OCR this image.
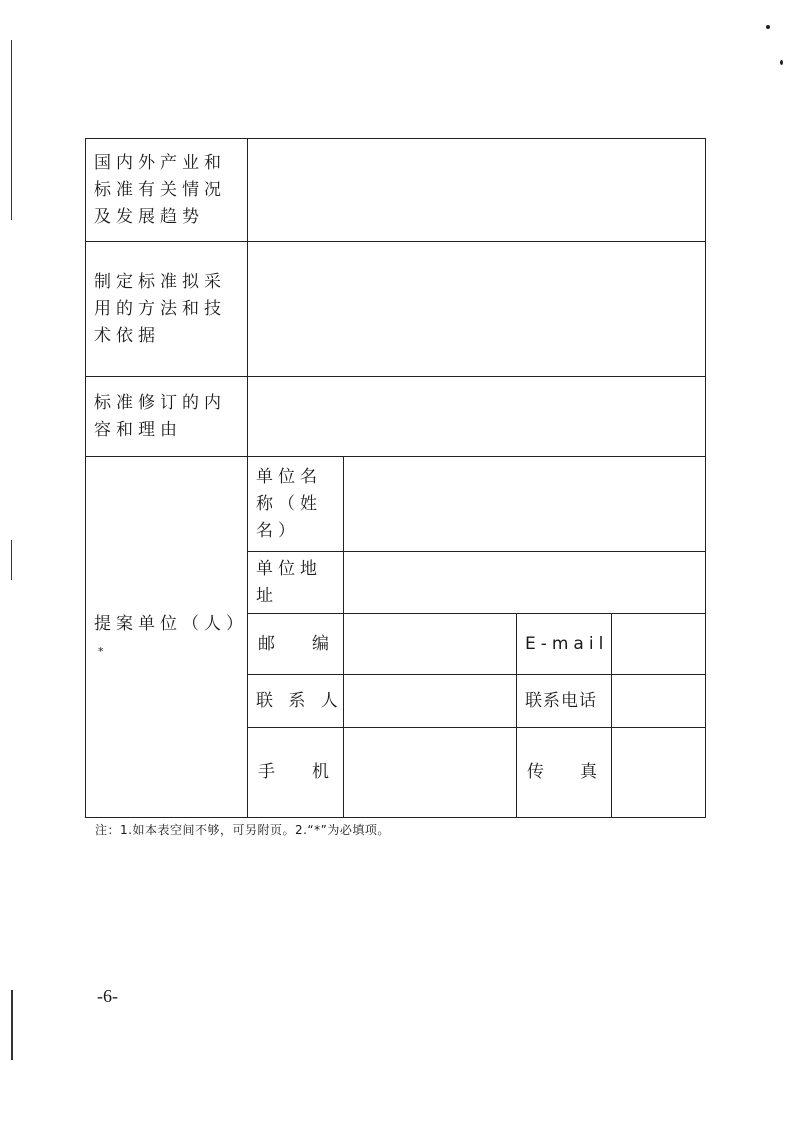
国内外产业和标准有关情况及发展趋势				
制定标准拟采用的方法和技术依据				
标准修订的内容和理由				
提案单位（人）*	单位名称（姓名）			
	单位地址			

	邮 编		E-mail	
	联 系 人		联系电话	

	手 机		传 真	

注：1.如本表空间不够，可另附页。2.“*”为必填项。
-6-
